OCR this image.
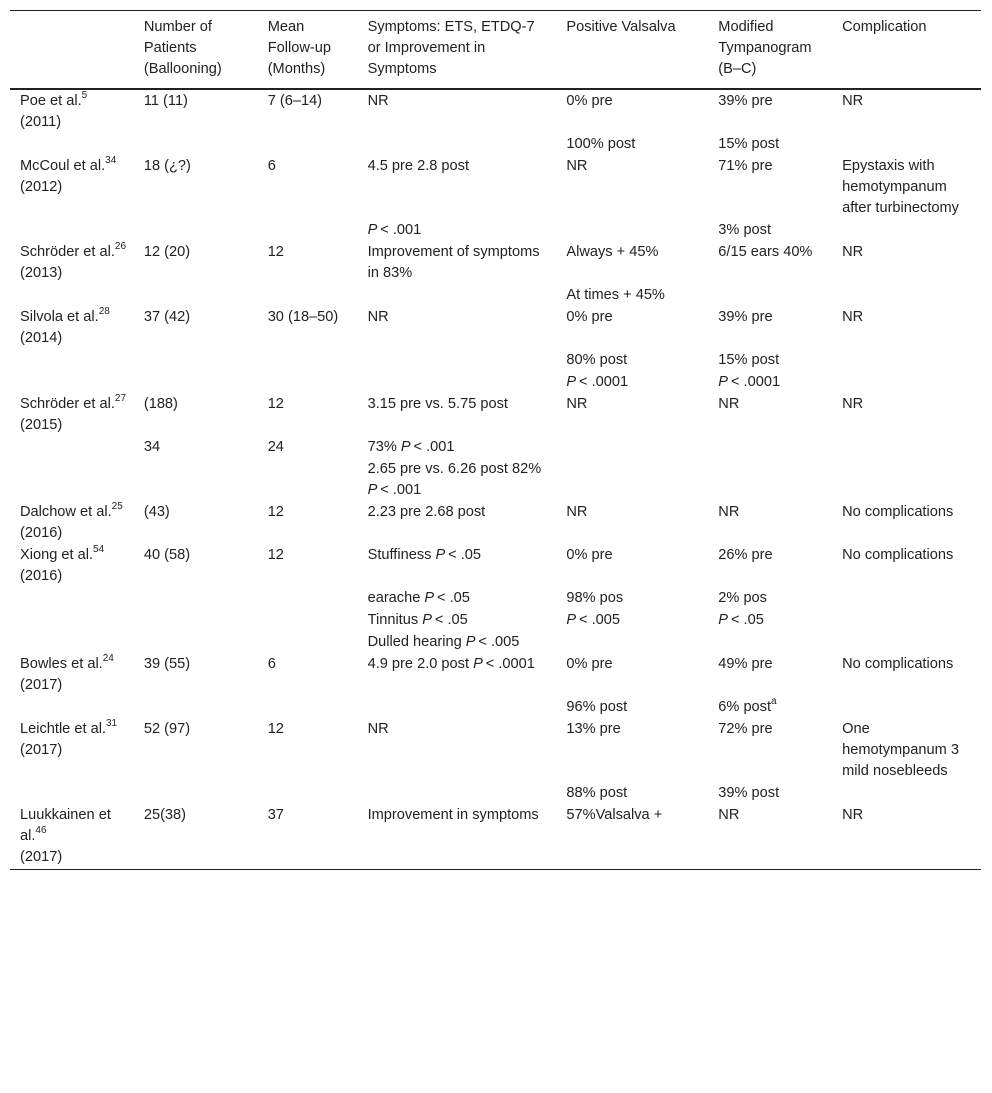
	Number of Patients (Ballooning)	Mean Follow-up (Months)	Symptoms: ETS, ETDQ-7 or Improvement in Symptoms	Positive Valsalva	Modified Tympanogram (B–C)	Complication
Poe et al.$^5$
(2011)	11 (11)	7 (6–14)	NR	0% pre	39% pre	NR
				100% post	15% post	
McCoul et al.$^{34}$
(2012)	18 (¿?)	6	4.5 pre 2.8 post	NR	71% pre	Epystaxis with hemotympanum after turbinectomy
			P < .001		3% post	
Schröder et al.$^{26}$
(2013)	12 (20)	12	Improvement of symptoms in 83%	Always + 45%	6/15 ears 40%	NR
				At times + 45%		
Silvola et al.$^{28}$
(2014)	37 (42)	30 (18–50)	NR	0% pre	39% pre	NR
				80% post	15% post	
				P < .0001	P < .0001	
Schröder et al.$^{27}$
(2015)	(188)	12	3.15 pre vs. 5.75 post	NR	NR	NR
	34	24	73% P < .001			
			2.65 pre vs. 6.26 post 82% P < .001			
Dalchow et al.$^{25}$
(2016)	(43)	12	2.23 pre 2.68 post	NR	NR	No complications
Xiong et al.$^{54}$
(2016)	40 (58)	12	Stuffiness P < .05	0% pre	26% pre	No complications
			earache P < .05	98% pos	2% pos	
			Tinnitus P < .05	P < .005	P < .05	
			Dulled hearing P < .005			
Bowles et al.$^{24}$
(2017)	39 (55)	6	4.9 pre 2.0 post P < .0001	0% pre	49% pre	No complications
				96% post	6% post$^a$	
Leichtle et al.$^{31}$
(2017)	52 (97)	12	NR	13% pre	72% pre	One hemotympanum 3 mild nosebleeds
				88% post	39% post	
Luukkainen et al.$^{46}$
(2017)	25(38)	37	Improvement in symptoms	57%Valsalva +	NR	NR
